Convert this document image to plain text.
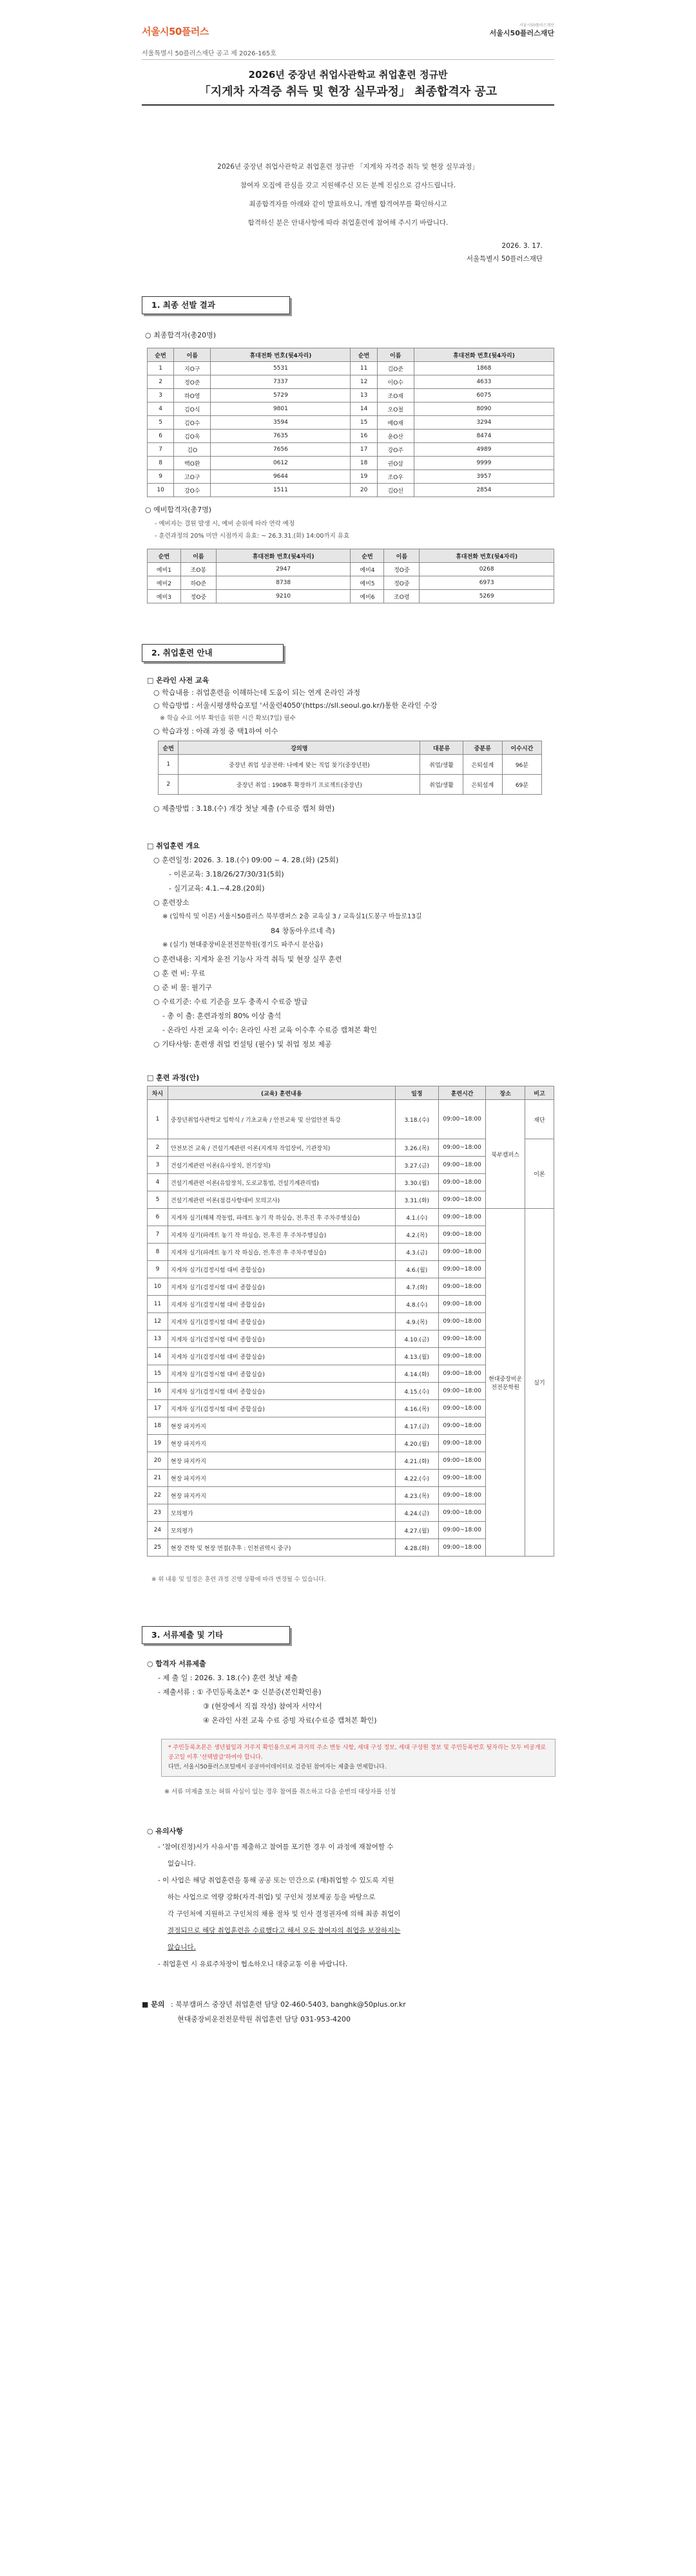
서울시50플러스
서울시50플러스재단
서울시50플러스재단
서울특별시 50플러스재단 공고 제 2026-165호
2026년 중장년 취업사관학교 취업훈련 정규반
「지게차 자격증 취득 및 현장 실무과정」 최종합격자 공고
2026년 중장년 취업사관학교 취업훈련 정규반 「지게차 자격증 취득 및 현장 실무과정」
참여자 모집에 관심을 갖고 지원해주신 모든 분께 진심으로 감사드립니다.
최종합격자를 아래와 같이 발표하오니, 개별 합격여부를 확인하시고
합격하신 분은 안내사항에 따라 취업훈련에 참여해 주시기 바랍니다.
2026. 3. 17.
서울특별시 50플러스재단
1. 최종 선발 결과
○ 최종합격자(총20명)
순번	이름	휴대전화 번호(뒷4자리)	순번	이름	휴대전화 번호(뒷4자리)
1	지O구	5531	11	김O준	1868
2	정O준	7337	12	이O수	4633
3	하O영	5729	13	조O재	6075
4	김O식	9801	14	오O철	8090
5	김O수	3594	15	배O재	3294
6	김O욱	7635	16	윤O산	8474
7	김O	7656	17	강O주	4989
8	백O환	0612	18	권O삼	9999
9	고O구	9644	19	조O우	3957
10	강O수	1511	20	김O선	2854
○ 예비합격자(총7명)
- 예비자는 결원 발생 시, 예비 순위에 따라 연락 예정
- 훈련과정의 20% 미만 시점까지 유효: ~ 26.3.31.(화) 14:00까지 유효
순번	이름	휴대전화 번호(뒷4자리)	순번	이름	휴대전화 번호(뒷4자리)
예비1	조O봉	2947	예비4	정O중	0268
예비2	하O준	8738	예비5	정O중	6973
예비3	정O중	9210	예비6	조O령	5269
2. 취업훈련 안내
□ 온라인 사전 교육
○ 학습내용 : 취업훈련을 이해하는데 도움이 되는 연계 온라인 과정
○ 학습방법 : 서울시평생학습포털 '서울런4050'(https://sll.seoul.go.kr/)통한 온라인 수강
※ 학습 수료 여부 확인을 위한 시간 확보(7일) 필수
○ 학습과정 : 아래 과정 중 택1하여 이수
순번	강의명	대분류	중분류	이수시간
1	중장년 취업 성공전략: 나에게 맞는 직업 찾기(중장년편)	취업/생활	은퇴설계	96분
2	중장년 취업 : 1908후 확장하기 프로젝트(중장년)	취업/생활	은퇴설계	69분
○ 제출방법 : 3.18.(수) 개강 첫날 제출 (수료증 캡처 화면)
□ 취업훈련 개요
○ 훈련일정: 2026. 3. 18.(수) 09:00 ~ 4. 28.(화) (25회)
- 이론교육: 3.18/26/27/30/31(5회)
- 실기교육: 4.1.~4.28.(20회)
○ 훈련장소
※ (입학식 및 이론) 서울시50플러스 북부캠퍼스 2층 교육실 3 / 교육실1(도봉구 마들로13길
84 창동아우르네 측)
※ (실기) 현대중장비운전전문학원(경기도 파주시 문산읍)
○ 훈련내용: 지게차 운전 기능사 자격 취득 및 현장 실무 훈련
○ 훈 련 비: 무료
○ 준 비 물: 필기구
○ 수료기준: 수료 기준을 모두 충족시 수료증 발급
- 총 이 출: 훈련과정의 80% 이상 출석
- 온라인 사전 교육 이수: 온라인 사전 교육 이수후 수료증 캡쳐본 확인
○ 기타사항: 훈련생 취업 컨설팅 (필수) 및 취업 정보 제공
□ 훈련 과정(안)
차시	(교육) 훈련내용	일정	훈련시간	장소	비고
1	중장년취업사관학교 입학식 / 기초교육 / 안전교육 및 산업안전 특강	3.18.(수)	09:00~18:00	북부캠퍼스	재단
2	안전보건 교육 / 건설기계관련 이론(지게차 작업장비, 기관장치)	3.26.(목)	09:00~18:00		이론
3	건설기계관련 이론(유사장치, 전기장치)	3.27.(금)	09:00~18:00		
4	건설기계관련 이론(유압장치, 도로교통법, 건설기계관리법)	3.30.(월)	09:00~18:00		
5	건설기계관련 이론(점검사항대비 모의고사)	3.31.(화)	09:00~18:00		
6	지게차 실기(해체 작동법, 파레트 놓기 작 하실습, 전.후진 후 주차주행실습)	4.1.(수)	09:00~18:00	현대중장비운전전문학원	실기
7	지게차 실기(파레트 놓기 작 하실습, 전.후진 후 주차주행실습)	4.2.(목)	09:00~18:00		
8	지게차 실기(파레트 놓기 작 하실습, 전.후진 후 주차주행실습)	4.3.(금)	09:00~18:00		
9	지게차 실기(검정시험 대비 종합실습)	4.6.(월)	09:00~18:00		
10	지게차 실기(검정시험 대비 종합실습)	4.7.(화)	09:00~18:00		
11	지게차 실기(검정시험 대비 종합실습)	4.8.(수)	09:00~18:00		
12	지게차 실기(검정시험 대비 종합실습)	4.9.(목)	09:00~18:00		
13	지게차 실기(검정시험 대비 종합실습)	4.10.(금)	09:00~18:00		
14	지게차 실기(검정시험 대비 종합실습)	4.13.(월)	09:00~18:00		
15	지게차 실기(검정시험 대비 종합실습)	4.14.(화)	09:00~18:00		
16	지게차 실기(검정시험 대비 종합실습)	4.15.(수)	09:00~18:00		
17	지게차 실기(검정시험 대비 종합실습)	4.16.(목)	09:00~18:00		
18	현장 파지카지	4.17.(금)	09:00~18:00		
19	현장 파지카지	4.20.(월)	09:00~18:00		
20	현장 파지카지	4.21.(화)	09:00~18:00		
21	현장 파지카지	4.22.(수)	09:00~18:00		
22	현장 파지카지	4.23.(목)	09:00~18:00		
23	모의평가	4.24.(금)	09:00~18:00		
24	모의평가	4.27.(월)	09:00~18:00		
25	현장 견학 및 현장 면접(추후 : 인천권역시 중구)	4.28.(화)	09:00~18:00		
※ 위 내용 및 일정은 훈련 과정 진행 상황에 따라 변경될 수 있습니다.
3. 서류제출 및 기타
○ 합격자 서류제출
- 제 출 일 : 2026. 3. 18.(수) 훈련 첫날 제출
- 제출서류 : ① 주민등록초본* ② 신분증(본인확인용)
③ (현장에서 직접 작성) 참여자 서약서
④ 온라인 사전 교육 수료 증빙 자료(수료증 캡쳐본 확인)
* 주민등록초본은 생년월일과 거주지 확인용으로써 과거의 주소 변동 사항, 세대 구성 정보, 세대 구성원 정보 및 주민등록번호 뒷자리는 모두 비공개로 공고일 이후 '선택발급'하여야 합니다.
다만, 서울시50플러스포털에서 공공마이데이터로 검증된 참여자는 제출을 면제합니다.
※ 서류 미제출 또는 허위 사실이 있는 경우 참여를 취소하고 다음 순번의 대상자를 선정
○ 유의사항
- '참여(진정)서가 사유서'를 제출하고 참여를 포기한 경우 이 과정에 재참여할 수
없습니다.
- 이 사업은 해당 취업훈련을 통해 공공 또는 민간으로 (재)취업할 수 있도록 지원
하는 사업으로 역량 강화(자격·취업) 및 구인처 정보제공 등을 바탕으로
각 구인처에 지원하고 구인처의 채용 절차 및 인사 결정권자에 의해 최종 취업이
결정되므로 해당 취업훈련을 수료했다고 해서 모든 참여자의 취업을 보장하지는
않습니다.
- 취업훈련 시 유료주차장이 협소하오니 대중교통 이용 바랍니다.
■ 문의 : 북부캠퍼스 중장년 취업훈련 담당 02-460-5403, banghk@50plus.or.kr
현대중장비운전전문학원 취업훈련 담당 031-953-4200
